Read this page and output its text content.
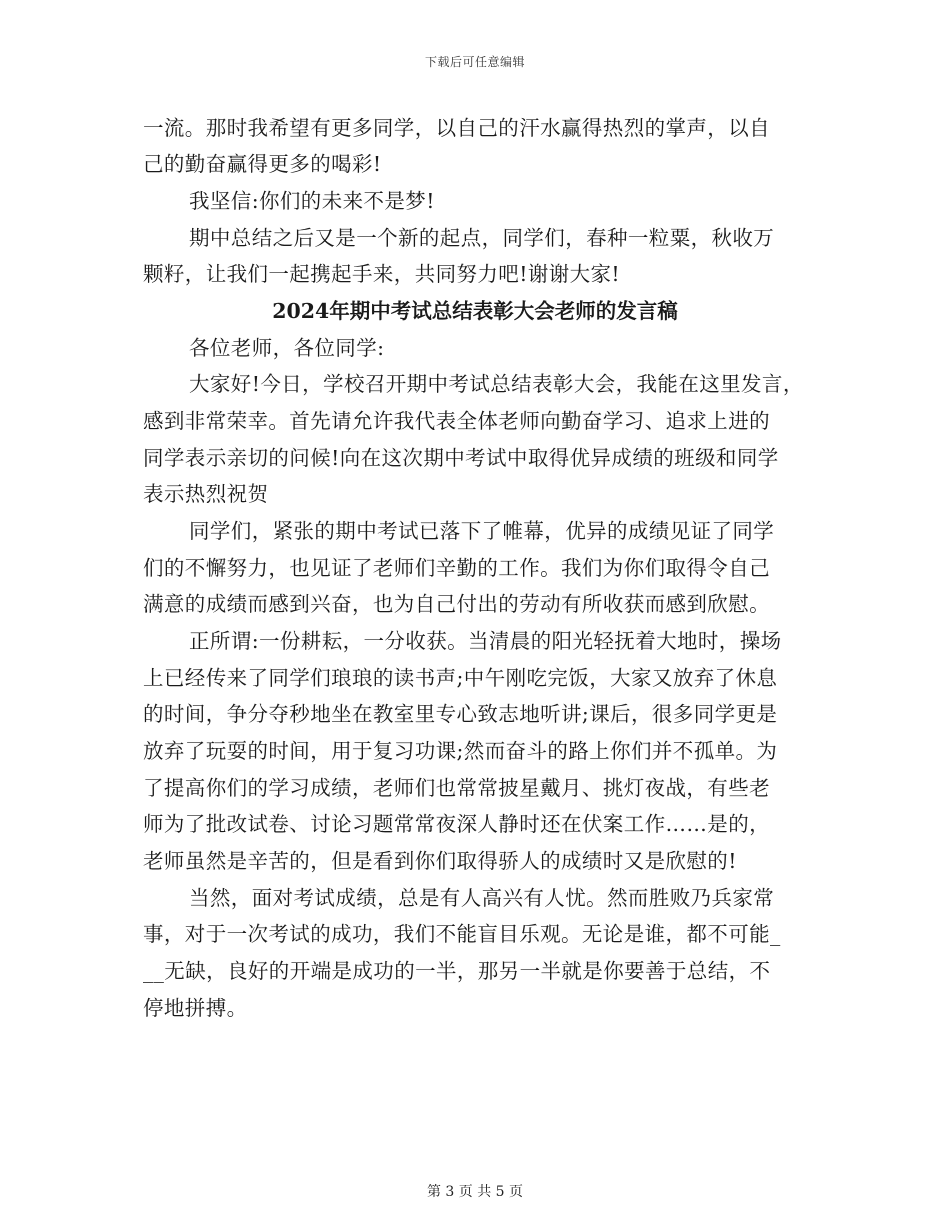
下载后可任意编辑
一流。那时我希望有更多同学，以自己的汗水赢得热烈的掌声，以自
己的勤奋赢得更多的喝彩!
我坚信:你们的未来不是梦!
期中总结之后又是一个新的起点，同学们，春种一粒粟，秋收万
颗籽，让我们一起携起手来，共同努力吧!谢谢大家!
2024年期中考试总结表彰大会老师的发言稿
各位老师，各位同学:
大家好!今日，学校召开期中考试总结表彰大会，我能在这里发言，
感到非常荣幸。首先请允许我代表全体老师向勤奋学习、追求上进的
同学表示亲切的问候!向在这次期中考试中取得优异成绩的班级和同学
表示热烈祝贺
同学们，紧张的期中考试已落下了帷幕，优异的成绩见证了同学
们的不懈努力，也见证了老师们辛勤的工作。我们为你们取得令自己
满意的成绩而感到兴奋，也为自己付出的劳动有所收获而感到欣慰。
正所谓:一份耕耘，一分收获。当清晨的阳光轻抚着大地时，操场
上已经传来了同学们琅琅的读书声;中午刚吃完饭，大家又放弃了休息
的时间，争分夺秒地坐在教室里专心致志地听讲;课后，很多同学更是
放弃了玩耍的时间，用于复习功课;然而奋斗的路上你们并不孤单。为
了提高你们的学习成绩，老师们也常常披星戴月、挑灯夜战，有些老
师为了批改试卷、讨论习题常常夜深人静时还在伏案工作……是的，
老师虽然是辛苦的，但是看到你们取得骄人的成绩时又是欣慰的!
当然，面对考试成绩，总是有人高兴有人忧。然而胜败乃兵家常
事，对于一次考试的成功，我们不能盲目乐观。无论是谁，都不可能_
__无缺，良好的开端是成功的一半，那另一半就是你要善于总结，不
停地拼搏。
第 3 页 共 5 页
